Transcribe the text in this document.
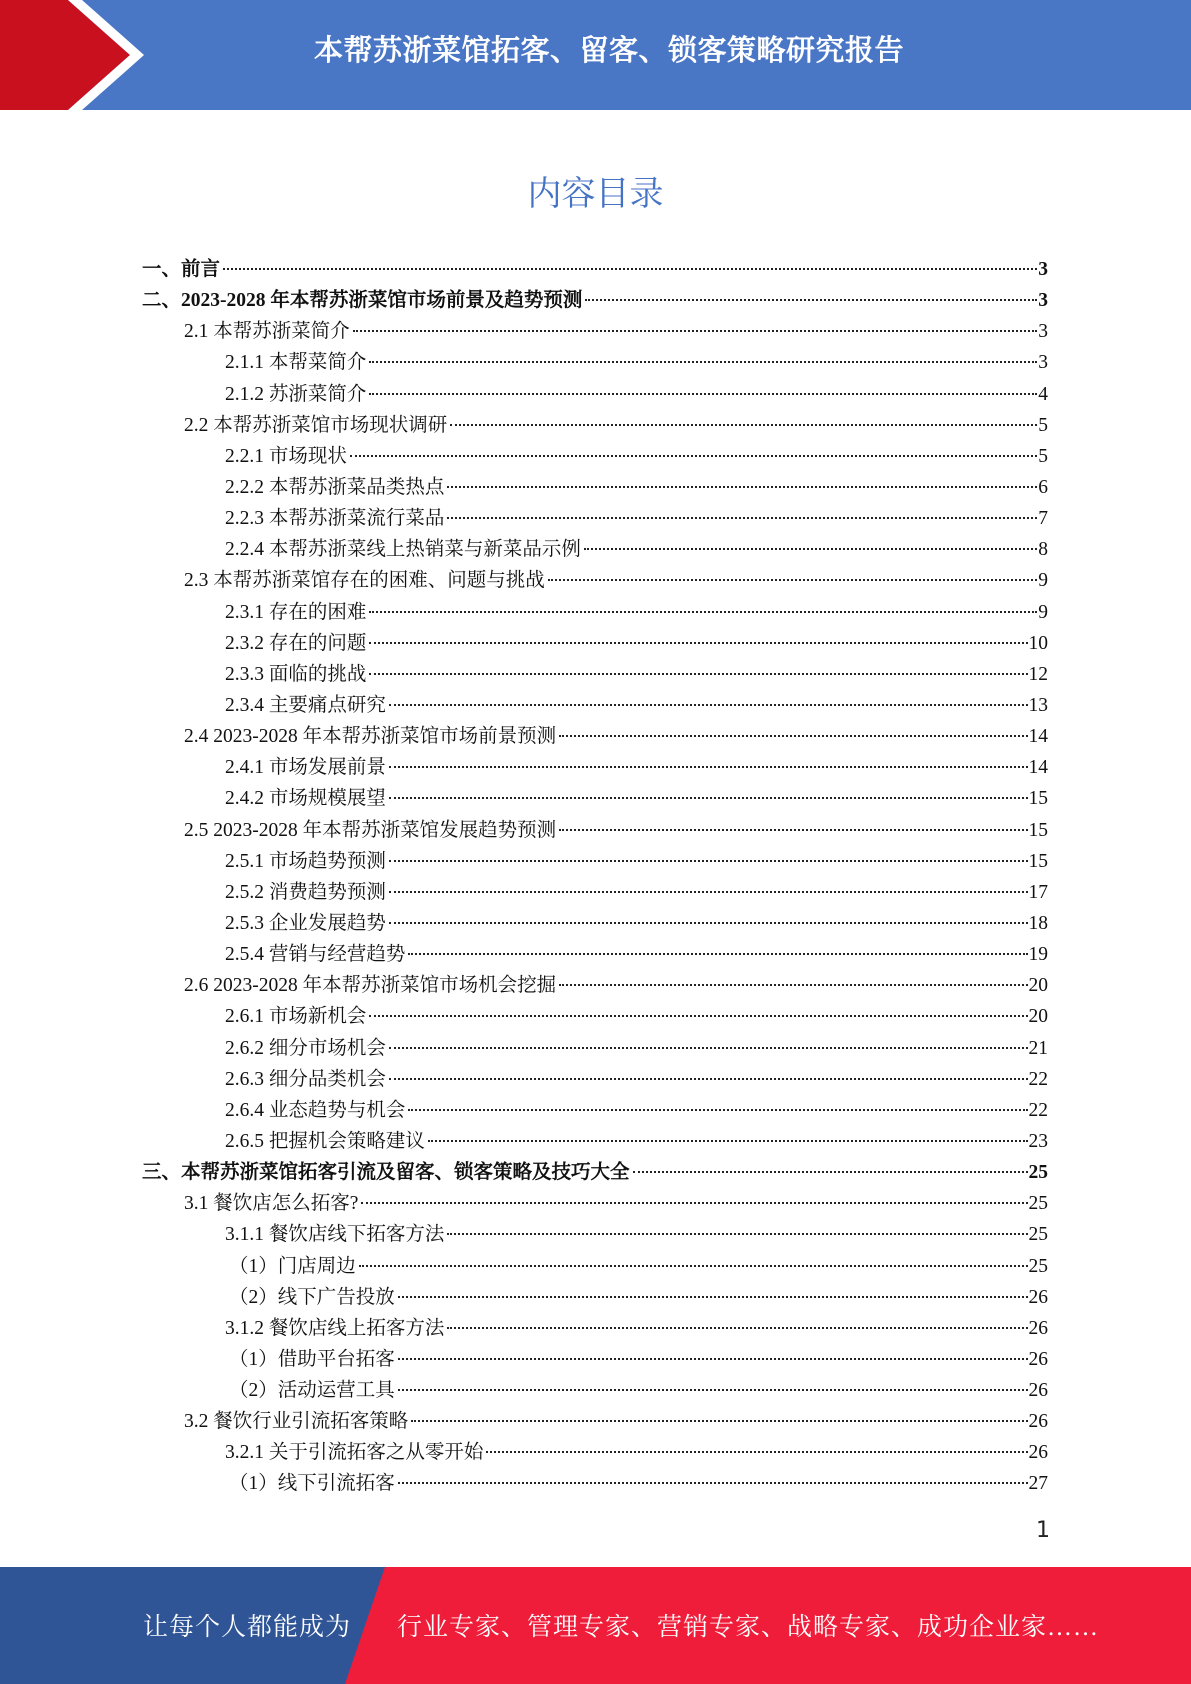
本帮苏浙菜馆拓客、留客、锁客策略研究报告
内容目录
一、前言	3
二、2023-2028 年本帮苏浙菜馆市场前景及趋势预测	3
2.1 本帮苏浙菜简介	3
2.1.1 本帮菜简介	3
2.1.2 苏浙菜简介	4
2.2 本帮苏浙菜馆市场现状调研	5
2.2.1 市场现状	5
2.2.2 本帮苏浙菜品类热点	6
2.2.3 本帮苏浙菜流行菜品	7
2.2.4 本帮苏浙菜线上热销菜与新菜品示例	8
2.3 本帮苏浙菜馆存在的困难、问题与挑战	9
2.3.1 存在的困难	9
2.3.2 存在的问题	10
2.3.3 面临的挑战	12
2.3.4 主要痛点研究	13
2.4 2023-2028 年本帮苏浙菜馆市场前景预测	14
2.4.1 市场发展前景	14
2.4.2 市场规模展望	15
2.5 2023-2028 年本帮苏浙菜馆发展趋势预测	15
2.5.1 市场趋势预测	15
2.5.2 消费趋势预测	17
2.5.3 企业发展趋势	18
2.5.4 营销与经营趋势	19
2.6 2023-2028 年本帮苏浙菜馆市场机会挖掘	20
2.6.1 市场新机会	20
2.6.2 细分市场机会	21
2.6.3 细分品类机会	22
2.6.4 业态趋势与机会	22
2.6.5 把握机会策略建议	23
三、本帮苏浙菜馆拓客引流及留客、锁客策略及技巧大全	25
3.1 餐饮店怎么拓客?	25
3.1.1 餐饮店线下拓客方法	25
（1）门店周边	25
（2）线下广告投放	26
3.1.2 餐饮店线上拓客方法	26
（1）借助平台拓客	26
（2）活动运营工具	26
3.2 餐饮行业引流拓客策略	26
3.2.1 关于引流拓客之从零开始	26
（1）线下引流拓客	27
1
让每个人都能成为 行业专家、管理专家、营销专家、战略专家、成功企业家……
